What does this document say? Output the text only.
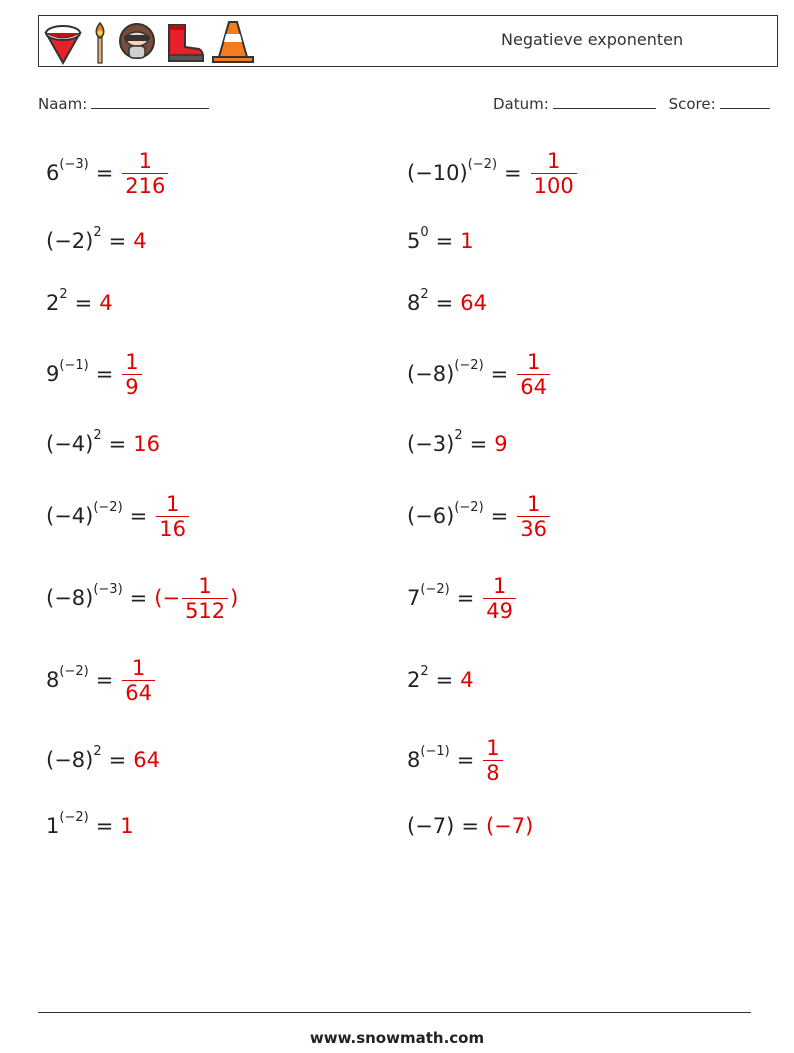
Negatieve exponenten
Naam:	Datum:	Score:
$6^{(-3)} = \frac{1}{216}$	$(-10)^{(-2)} = \frac{1}{100}$
$(-2)^2 = 4$	$5^0 = 1$
$2^2 = 4$	$8^2 = 64$
$9^{(-1)} = \frac{1}{9}$	$(-8)^{(-2)} = \frac{1}{64}$
$(-4)^2 = 16$	$(-3)^2 = 9$
$(-4)^{(-2)} = \frac{1}{16}$	$(-6)^{(-2)} = \frac{1}{36}$
$(-8)^{(-3)}$ = (− $\frac{1}{512}$ )	$7^{(-2)} = \frac{1}{49}$
$8^{(-2)} = \frac{1}{64}$	$2^2 = 4$
$(-8)^2 = 64$	$8^{(-1)} = \frac{1}{8}$
$1^{(-2)} = 1$	(−7) = (−7)
www.snowmath.com
